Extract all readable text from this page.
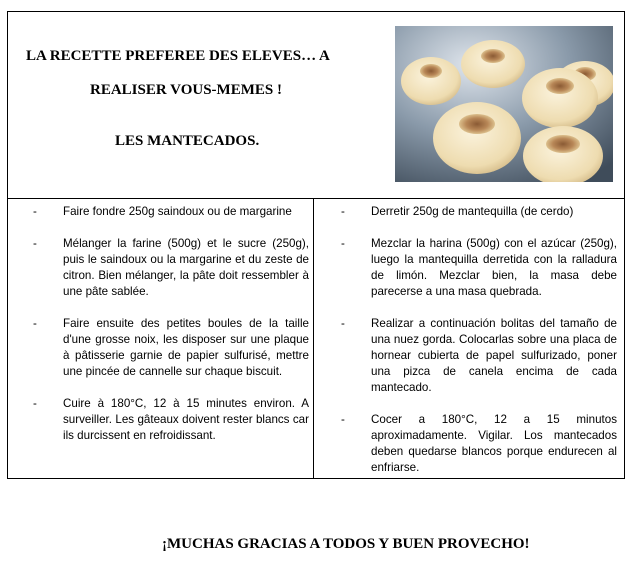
LA RECETTE PREFEREE DES ELEVES… A

REALISER VOUS-MEMES !

LES MANTECADOS.

- Faire fondre 250g saindoux ou de margarine
- Mélanger la farine (500g) et le sucre (250g), puis le saindoux ou la margarine et du zeste de citron. Bien mélanger, la pâte doit ressembler à une pâte sablée.
- Faire ensuite des petites boules de la taille d'une grosse noix, les disposer sur une plaque à pâtisserie garnie de papier sulfurisé, mettre une pincée de cannelle sur chaque biscuit.
- Cuire à 180°C, 12 à 15 minutes environ. A surveiller. Les gâteaux doivent rester blancs car ils durcissent en refroidissant.
- Derretir 250g de mantequilla (de cerdo)
- Mezclar la harina (500g) con el azúcar (250g), luego la mantequilla derretida con la ralladura de limón. Mezclar bien, la masa debe parecerse a una masa quebrada.
- Realizar a continuación bolitas del tamaño de una nuez gorda. Colocarlas sobre una placa de hornear cubierta de papel sulfurizado, poner una pizca de canela encima de cada mantecado.
- Cocer a 180°C, 12 a 15 minutos aproximadamente. Vigilar. Los mantecados deben quedarse blancos porque endurecen al enfriarse.

¡MUCHAS GRACIAS A TODOS Y BUEN PROVECHO!
